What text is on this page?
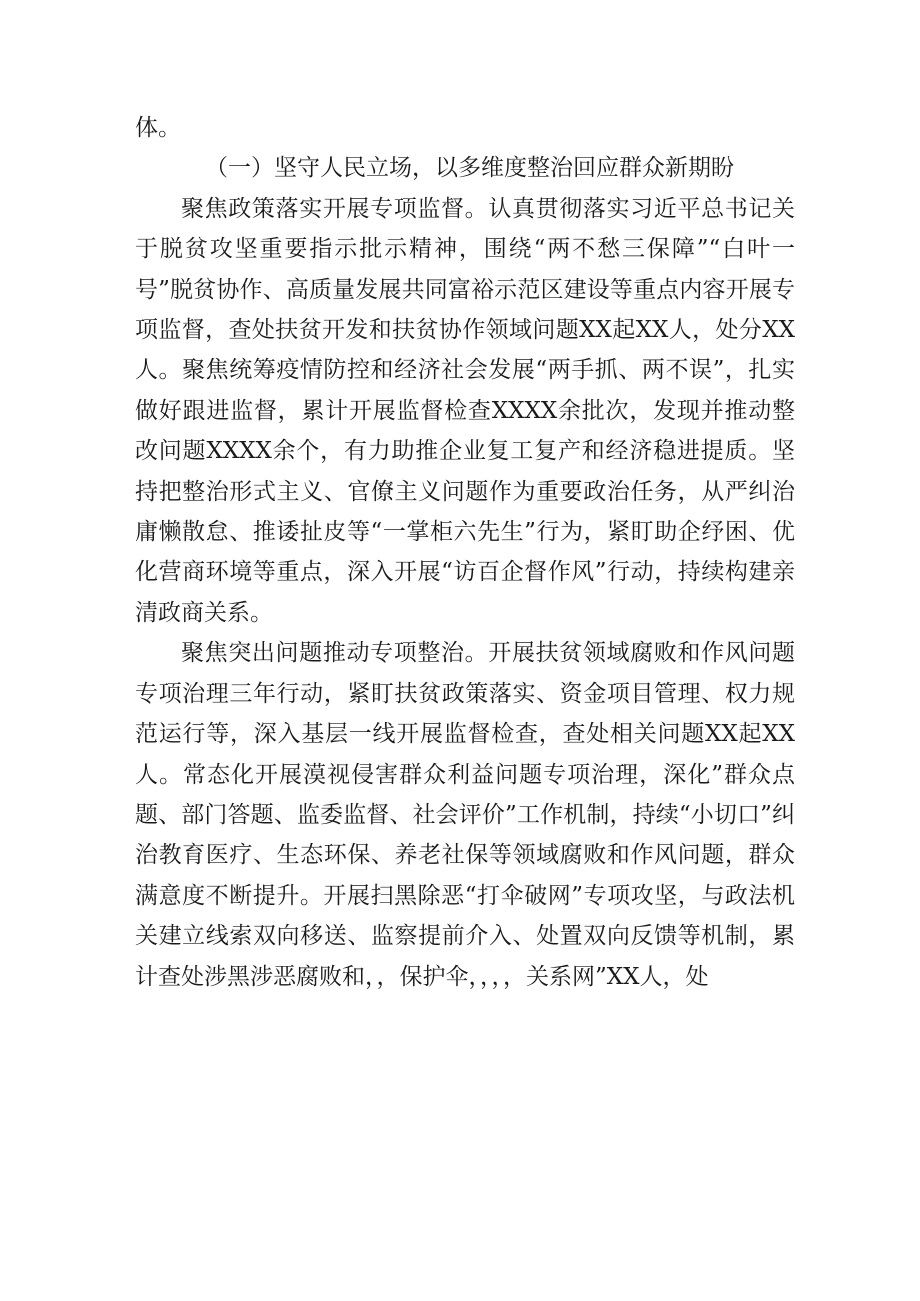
体。

（一）坚守人民立场，以多维度整治回应群众新期盼

聚焦政策落实开展专项监督。认真贯彻落实习近平总书记关于脱贫攻坚重要指示批示精神，围绕“两不愁三保障”“白叶一号”脱贫协作、高质量发展共同富裕示范区建设等重点内容开展专项监督，查处扶贫开发和扶贫协作领域问题XX起XX人，处分XX人。聚焦统筹疫情防控和经济社会发展“两手抓、两不误”，扎实做好跟进监督，累计开展监督检查XXXX余批次，发现并推动整改问题XXXX余个，有力助推企业复工复产和经济稳进提质。坚持把整治形式主义、官僚主义问题作为重要政治任务，从严纠治庸懒散怠、推诿扯皮等“一掌柜六先生”行为，紧盯助企纾困、优化营商环境等重点，深入开展“访百企督作风”行动，持续构建亲清政商关系。

聚焦突出问题推动专项整治。开展扶贫领域腐败和作风问题专项治理三年行动，紧盯扶贫政策落实、资金项目管理、权力规范运行等，深入基层一线开展监督检查，查处相关问题XX起XX人。常态化开展漠视侵害群众利益问题专项治理，深化”群众点题、部门答题、监委监督、社会评价”工作机制，持续“小切口”纠治教育医疗、生态环保、养老社保等领域腐败和作风问题，群众满意度不断提升。开展扫黑除恶“打伞破网”专项攻坚，与政法机关建立线索双向移送、监察提前介入、处置双向反馈等机制，累计查处涉黑涉恶腐败和，，保护伞，，，，关系网”XX人，处
